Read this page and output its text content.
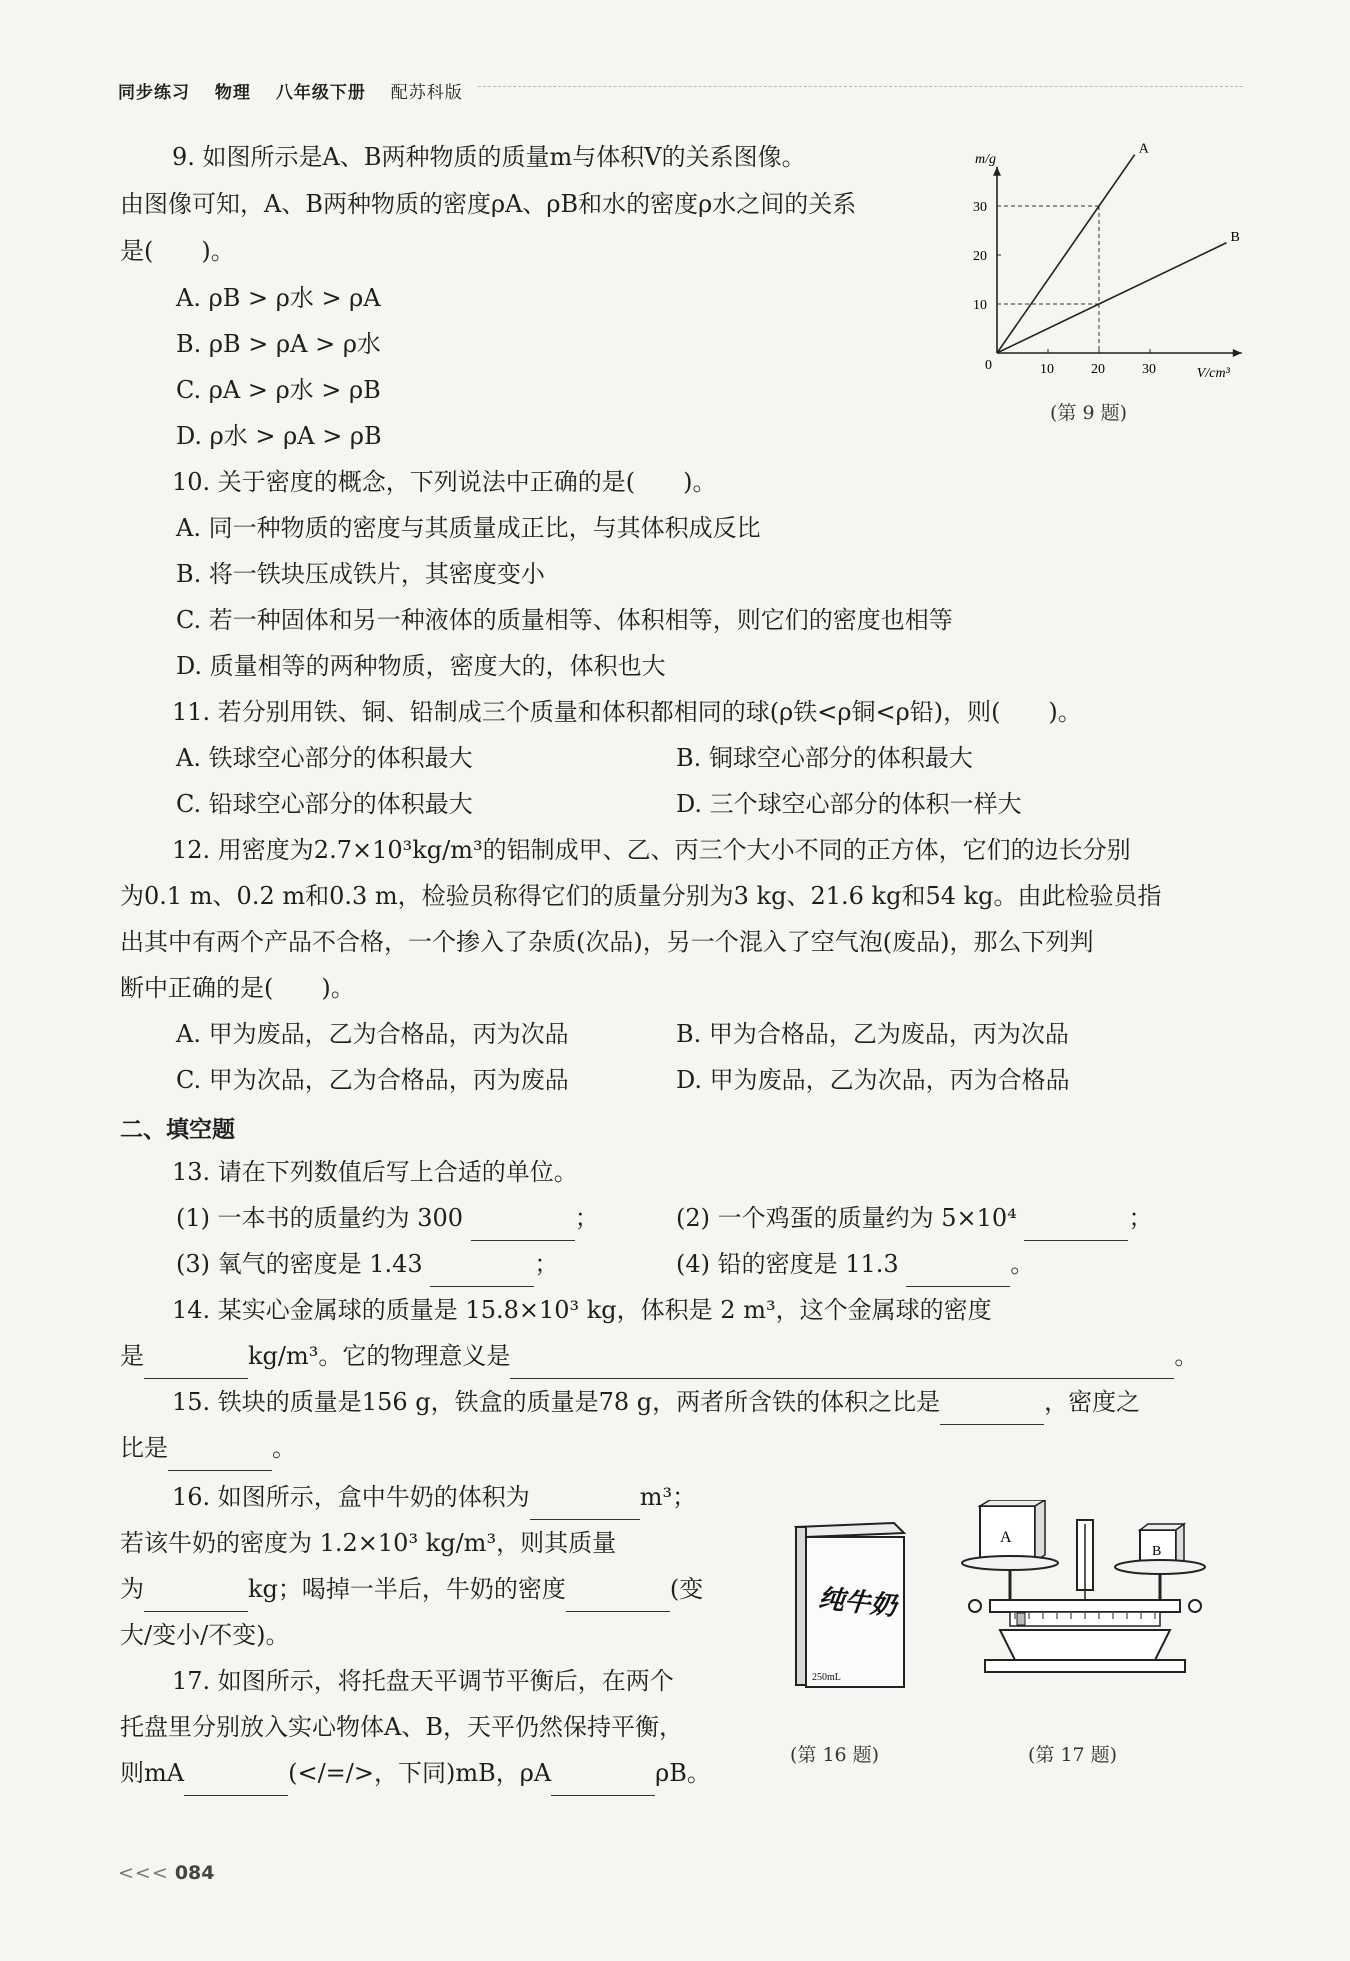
同步练习 物理 八年级下册 配苏科版
9. 如图所示是A、B两种物质的质量m与体积V的关系图像。
由图像可知，A、B两种物质的密度ρA、ρB和水的密度ρ水之间的关系
是(　　)。
A. ρB > ρ水 > ρA
B. ρB > ρA > ρ水
C. ρA > ρ水 > ρB
D. ρ水 > ρA > ρB
0	10	20	30
10
20
30
m/g
V/cm³
A
B
(第 9 题)
10. 关于密度的概念，下列说法中正确的是(　　)。
A. 同一种物质的密度与其质量成正比，与其体积成反比
B. 将一铁块压成铁片，其密度变小
C. 若一种固体和另一种液体的质量相等、体积相等，则它们的密度也相等
D. 质量相等的两种物质，密度大的，体积也大
11. 若分别用铁、铜、铅制成三个质量和体积都相同的球(ρ铁<ρ铜<ρ铅)，则(　　)。
A. 铁球空心部分的体积最大	B. 铜球空心部分的体积最大
C. 铅球空心部分的体积最大	D. 三个球空心部分的体积一样大
12. 用密度为2.7×10³kg/m³的铝制成甲、乙、丙三个大小不同的正方体，它们的边长分别
为0.1 m、0.2 m和0.3 m，检验员称得它们的质量分别为3 kg、21.6 kg和54 kg。由此检验员指
出其中有两个产品不合格，一个掺入了杂质(次品)，另一个混入了空气泡(废品)，那么下列判
断中正确的是(　　)。
A. 甲为废品，乙为合格品，丙为次品	B. 甲为合格品，乙为废品，丙为次品
C. 甲为次品，乙为合格品，丙为废品	D. 甲为废品，乙为次品，丙为合格品
二、填空题
13. 请在下列数值后写上合适的单位。
(1) 一本书的质量约为 300	；	(2) 一个鸡蛋的质量约为 5×10⁴	；
(3) 氧气的密度是 1.43	；	(4) 铅的密度是 11.3	。
14. 某实心金属球的质量是 15.8×10³ kg，体积是 2 m³，这个金属球的密度
是	kg/m³。它的物理意义是	。
15. 铁块的质量是156 g，铁盒的质量是78 g，两者所含铁的体积之比是	，密度之
比是	。
16. 如图所示，盒中牛奶的体积为	m³；
若该牛奶的密度为 1.2×10³ kg/m³，则其质量
为	kg；喝掉一半后，牛奶的密度	(变
大/变小/不变)。
17. 如图所示，将托盘天平调节平衡后，在两个
托盘里分别放入实心物体A、B，天平仍然保持平衡，
则mA	(</=/>，下同)mB，ρA	ρB。
纯牛奶
250mL
(第 16 题)
A
B
(第 17 题)
<<< 084
